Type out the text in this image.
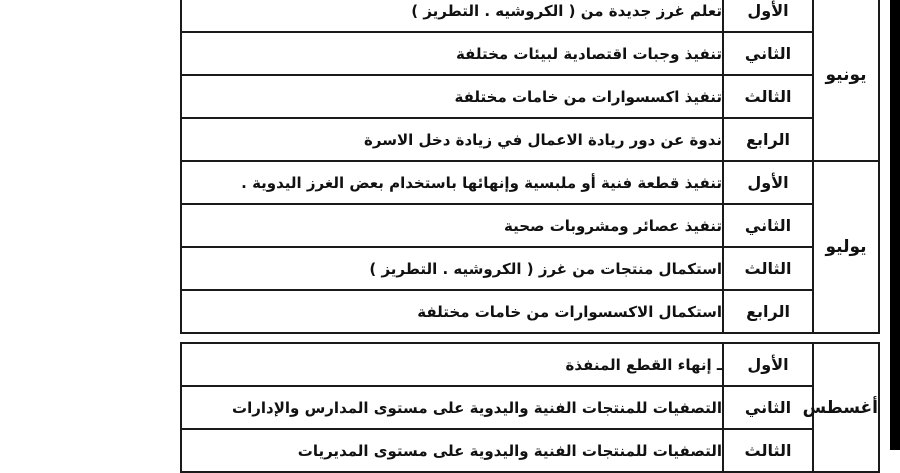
يونيو	الأول	تعلم غرز جديدة من ( الكروشيه . التطريز )
	الثاني	تنفيذ وجبات اقتصادية لبيئات مختلفة
	الثالث	تنفيذ اكسسوارات من خامات مختلفة
	الرابع	ندوة عن دور ريادة الاعمال في زيادة دخل الاسرة
يوليو	الأول	تنفيذ قطعة فنية أو ملبسية وإنهائها باستخدام بعض الغرز اليدوية .
	الثاني	تنفيذ عصائر ومشروبات صحية
	الثالث	استكمال منتجات من غرز ( الكروشيه . التطريز )
	الرابع	استكمال الاكسسوارات من خامات مختلفة

أغسطس	الأول	ـ إنهاء القطع المنفذة
	الثاني	التصفيات للمنتجات الفنية واليدوية على مستوى المدارس والإدارات
	الثالث	التصفيات للمنتجات الفنية واليدوية على مستوى المديريات
